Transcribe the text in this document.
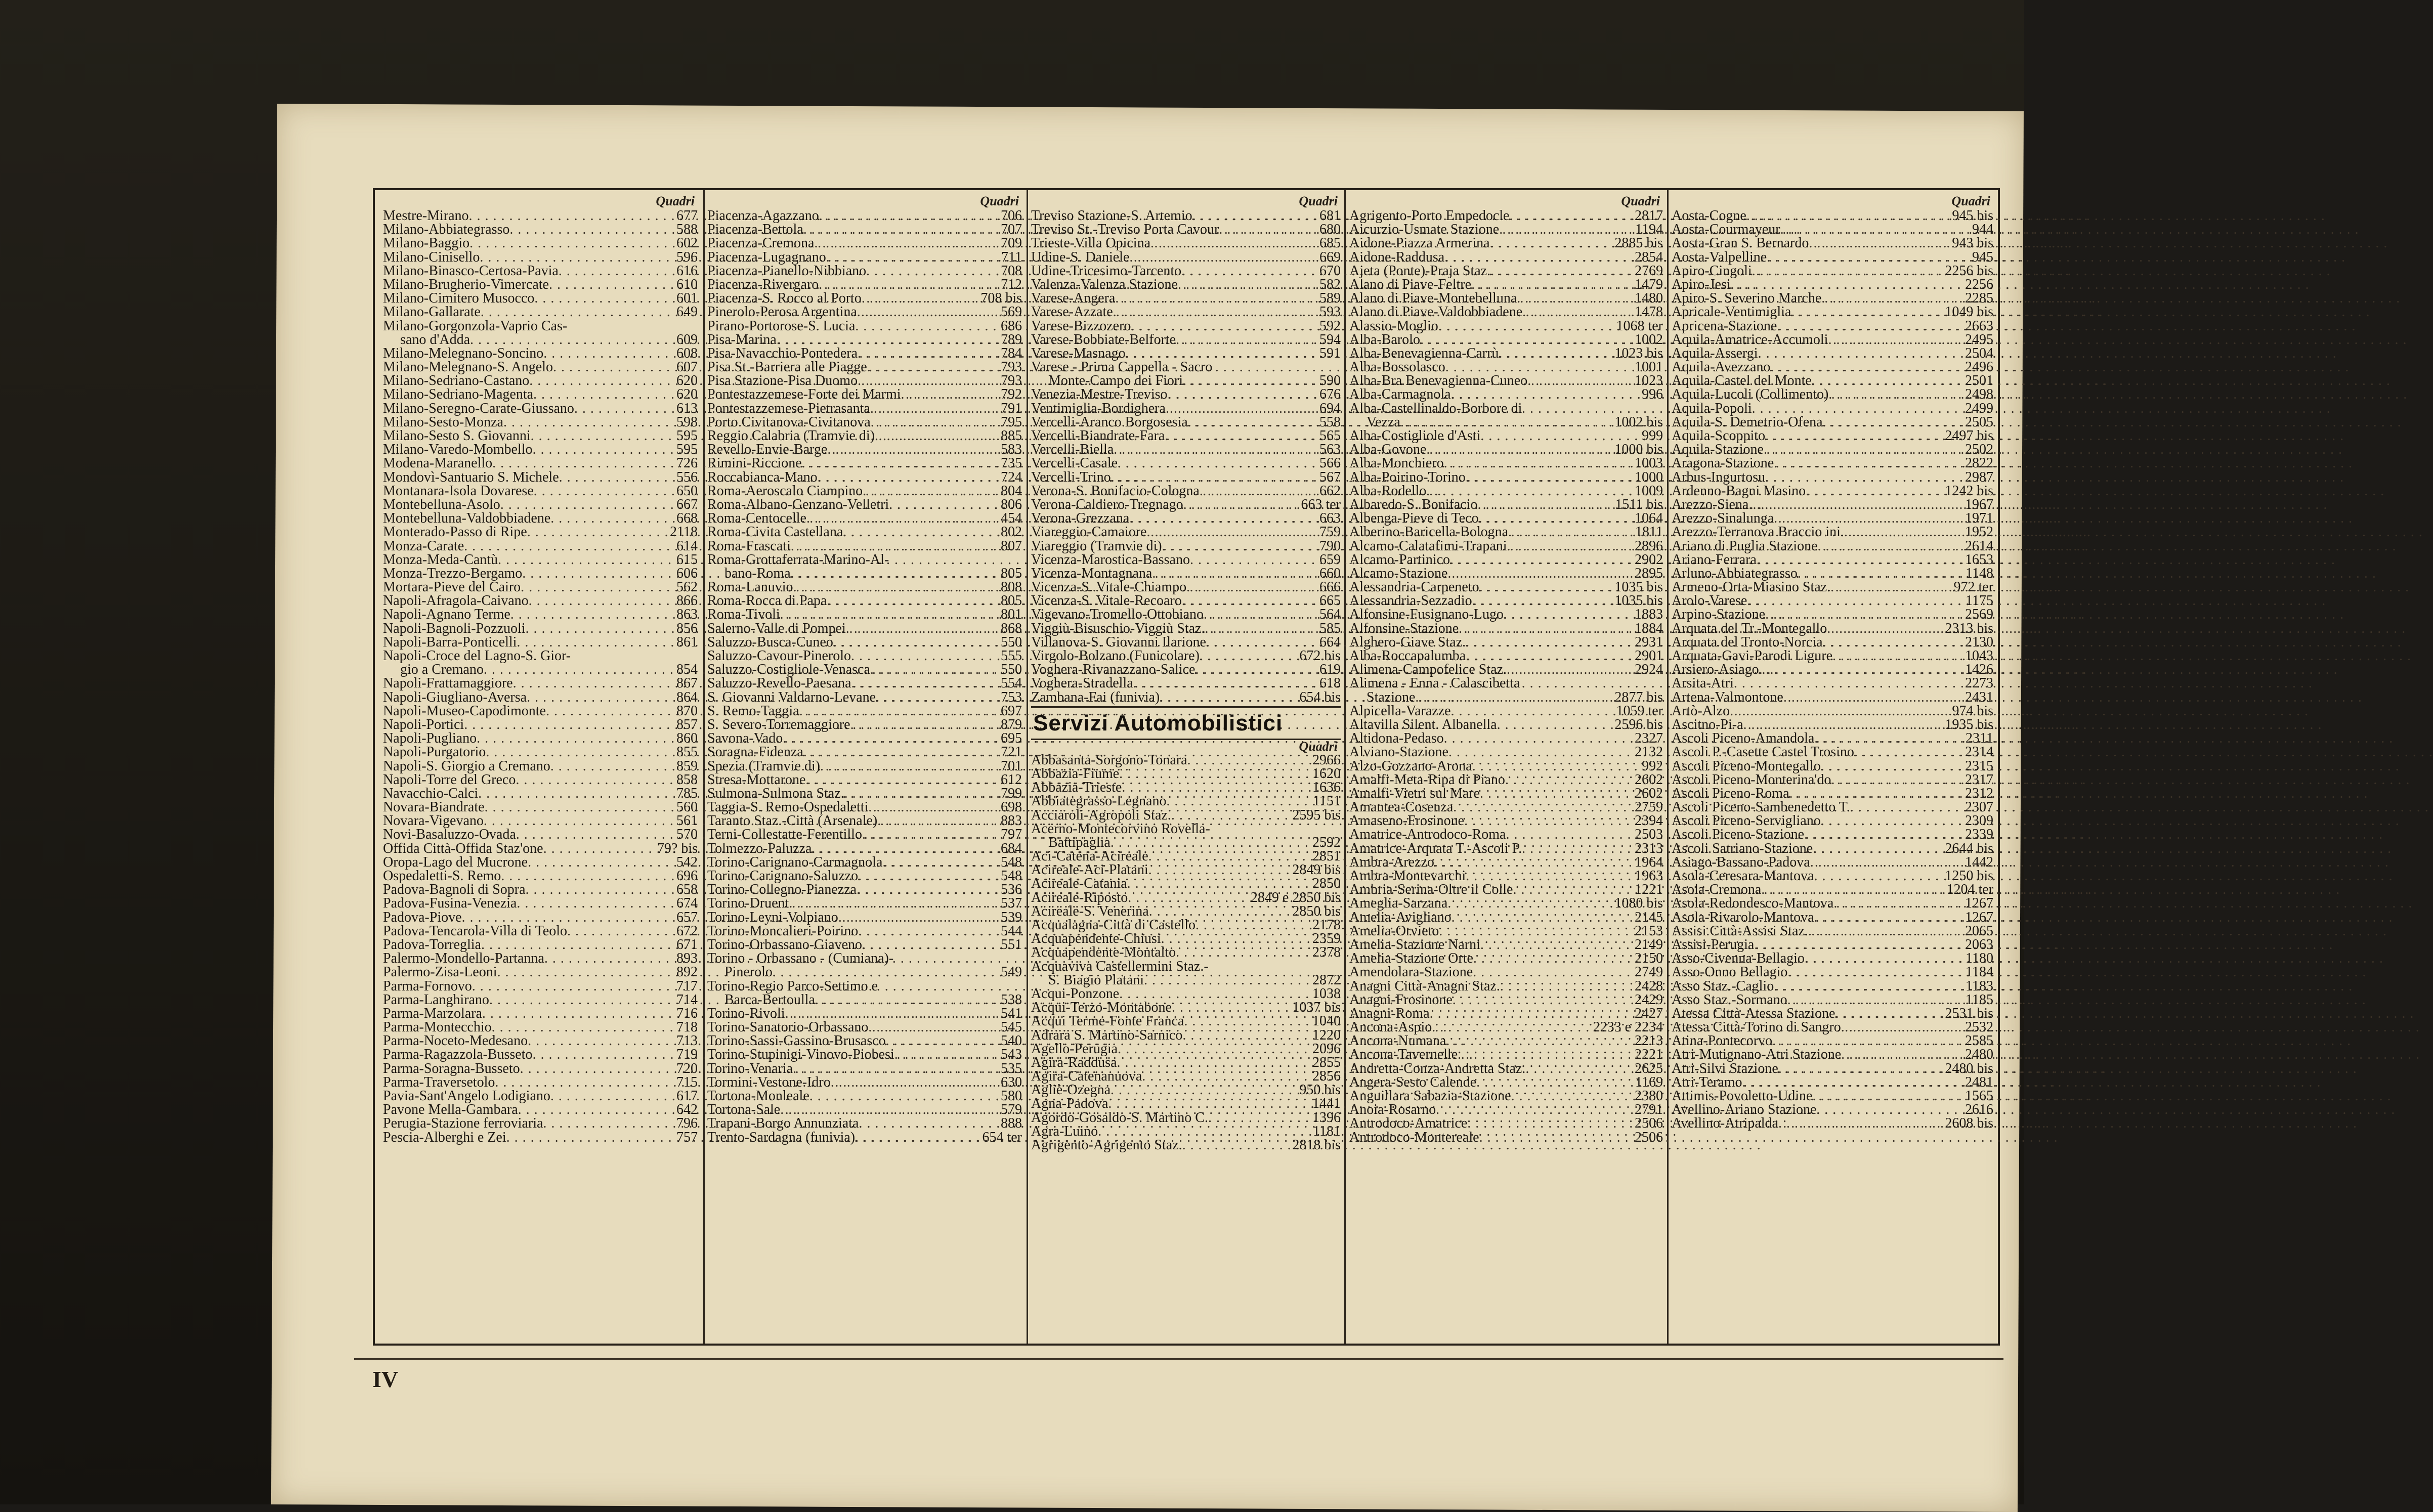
Quadri
Mestre-Mirano . . .	677
Milano-Abbiategrasso . . .	588
Milano-Baggio . . .	602
Milano-Cinisello . . .	596
Milano-Binasco-Certosa-Pavia . . .	616
Milano-Brugherio-Vimercate . . .	610
Milano-Cimitero Musocco . . .	601
Milano-Gallarate . . .	649
Milano-Gorgonzola-Vaprio Cas-
sano d'Adda . . .	609
Milano-Melegnano-Soncino . . .	608
Milano-Melegnano-S. Angelo . . .	607
Milano-Sedriano-Castano . . .	620
Milano-Sedriano-Magenta . . .	620
Milano-Seregno-Carate-Giussano . . .	613
Milano-Sesto-Monza . . .	598
Milano-Sesto S. Giovanni . . .	595
Milano-Varedo-Mombello . . .	595
Modena-Maranello . . .	726
Mondovì-Santuario S. Michele . . .	556
Montanara-Isola Dovarese . . .	650
Montebelluna-Asolo . . .	667
Montebelluna-Valdobbiadene . . .	668
Monterado-Passo di Ripe . . .	2118
Monza-Carate . . .	614
Monza-Meda-Cantù . . .	615
Monza-Trezzo-Bergamo . . .	606
Mortara-Pieve del Cairo . . .	562
Napoli-Afragola-Caivano . . .	866
Napoli-Agnano Terme . . .	863
Napoli-Bagnoli-Pozzuoli . . .	856
Napoli-Barra-Ponticelli . . .	861
Napoli-Croce del Lagno-S. Gior-
gio a Cremano . . .	854
Napoli-Frattamaggiore . . .	867
Napoli-Giugliano-Aversa . . .	864
Napoli-Museo-Capodimonte . . .	870
Napoli-Portici . . .	857
Napoli-Pugliano . . .	860
Napoli-Purgatorio . . .	855
Napoli-S. Giorgio a Cremano . . .	859
Napoli-Torre del Greco . . .	858
Navacchio-Calci . . .	785
Novara-Biandrate . . .	560
Novara-Vigevano . . .	561
Novi-Basaluzzo-Ovada . . .	570
Offida Città-Offida Staz'one . . .	79? bis
Oropa-Lago del Mucrone . . .	542
Ospedaletti-S. Remo . . .	696
Padova-Bagnoli di Sopra . . .	658
Padova-Fusina-Venezia . . .	674
Padova-Piove . . .	657
Padova-Tencarola-Villa di Teolo . . .	672
Padova-Torreglia . . .	671
Palermo-Mondello-Partanna . . .	893
Palermo-Zisa-Leoni . . .	892
Parma-Fornovo . . .	717
Parma-Langhirano . . .	714
Parma-Marzolara . . .	716
Parma-Montecchio . . .	718
Parma-Noceto-Medesano . . .	713
Parma-Ragazzola-Busseto . . .	719
Parma-Soragna-Busseto . . .	720
Parma-Traversetolo . . .	715
Pavia-Sant'Angelo Lodigiano . . .	617
Pavone Mella-Gambara . . .	642
Perugia-Stazione ferroviaria . . .	796
Pescia-Alberghi e Zei . . .	757
Quadri
Piacenza-Agazzano . . .	706
Piacenza-Bettola . . .	707
Piacenza-Cremona . . .	709
Piacenza-Lugagnano . . .	711
Piacenza-Pianello-Nibbiano . . .	708
Piacenza-Rivergaro . . .	712
Piacenza-S. Rocco al Porto . . .	708 bis
Pinerolo-Perosa Argentina . . .	569
Pirano-Portorose-S. Lucia . . .	686
Pisa-Marina . . .	789
Pisa-Navacchio-Pontedera . . .	784
Pisa St.-Barriera alle Piagge . . .	793
Pisa Stazione-Pisa Duomo . . .	793
Pontestazzemese-Forte dei Marmi . . .	792
Pontestazzemese-Pietrasanta . . .	791
Porto Civitanova-Civitanova . . .	795
Reggio Calabria (Tramvie di) . . .	885
Revello-Envie-Barge . . .	583
Rimini-Riccione . . .	735
Roccabianca-Mano . . .	724
Roma-Aeroscalo Ciampino . . .	804
Roma-Albano-Genzano-Velletri . . .	806
Roma-Centocelle . . .	454
Roma-Civita Castellana . . .	802
Roma-Frascati . . .	807
Roma-Grottaferrata-Marino-Al-
bano-Roma . . .	805
Roma-Lanuvio . . .	808
Roma-Rocca di Papa . . .	805
Roma-Tivoli . . .	801
Salerno-Valle di Pompei . . .	868
Saluzzo-Busca-Cuneo . . .	550
Saluzzo-Cavour-Pinerolo . . .	555
Saluzzo-Costigliole-Venasca . . .	550
Saluzzo-Revello-Paesana . . .	554
S. Giovanni Valdarno-Levane . . .	753
S. Remo-Taggia . . .	697
S. Severo-Torremaggiore . . .	879
Savona-Vado . . .	695
Soragna-Fidenza . . .	721
Spezia (Tramvie di) . . .	701
Stresa-Mottarone . . .	612
Sulmona-Sulmona Staz. . . .	799
Taggia-S. Remo-Ospedaletti . . .	698
Taranto Staz.-Città (Arsenale) . . .	883
Terni-Collestatte-Ferentillo . . .	797
Tolmezzo-Paluzza . . .	684
Torino-Carignano-Carmagnola . . .	548
Torino-Carignano-Saluzzo . . .	548
Torino-Collegno-Pianezza . . .	536
Torino-Druent . . .	537
Torino-Leyni-Volpiano . . .	539
Torino-Moncalieri-Poirino . . .	544
Torino-Orbassano-Giaveno . . .	551
Torino - Orbassano - (Cumiana)-
Pinerolo . . .	549
Torino-Regio Parco-Settimo e
Barca-Bertoulla . . .	538
Torino-Rivoli . . .	541
Torino-Sanatorio-Orbassano . . .	545
Torino-Sassi-Gassino-Brusasco . . .	540
Torino-Stupinigi-Vinovo-Piobesi . . .	543
Torino-Venaria . . .	535
Tormini-Vestone-Idro . . .	630
Tortona-Monleale . . .	580
Tortona-Sale . . .	579
Trapani-Borgo Annunziata . . .	888
Trento-Sardagna (funivia) . . .	654 ter
Quadri
Treviso Stazione-S. Artemio . . .	681
Treviso St.-Treviso Porta Cavour . . .	680
Trieste-Villa Opicina . . .	685
Udine-S. Daniele . . .	669
Udine-Tricesimo-Tarcento . . .	670
Valenza-Valenza Stazione . . .	582
Varese-Angera . . .	589
Varese-Azzate . . .	593
Varese-Bizzozero . . .	592
Varese-Bobbiate-Belforte . . .	594
Varese-Masnago . . .	591
Varese - Prima Cappella - Sacro
Monte-Campo dei Fiori . . .	590
Venezia-Mestre-Treviso . . .	676
Ventimiglia-Bordighera . . .	694
Vercelli-Aranco Borgosesia . . .	558
Vercelli-Biandrate-Fara . . .	565
Vercelli-Biella . . .	563
Vercelli-Casale . . .	566
Vercelli-Trino . . .	567
Verona-S. Bonifacio-Cologna . . .	662
Verona-Caldiero-Tregnago . . .	663 ter
Verona-Grezzana . . .	663
Viareggio-Camaiore . . .	759
Viareggio (Tramvie di) . . .	790
Vicenza-Marostica-Bassano . . .	659
Vicenza-Montagnana . . .	660
Vicenza-S. Vitale-Chiampo . . .	666
Vicenza-S. Vitale-Recoaro . . .	665
Vigevano-Tromello-Ottobiano . . .	564
Viggiù-Bisuschio-Viggiù Staz. . . .	585
Villanova-S. Giovanni Ilarione . . .	664
Virgolo-Bolzano (Funicolare) . . .	672 bis
Voghera-Rivanazzano-Salice . . .	619
Voghera-Stradella . . .	618
Zambana-Fai (funivia) . . .	654 bis
Servizi Automobilistici
Quadri
Abbasanta-Sorgono-Tonara . . .	2966
Abbazia-Fiume . . .	1620
Abbazia-Trieste . . .	1636
Abbiategrasso-Legnano . . .	1151
Acciaroli-Agropoli Staz. . . .	2595 bis
Acerno-Montecorvino Rovella-
Battipaglia . . .	2592
Aci-Catena-Acireale . . .	2851
Acireale-Aci-Platani . . .	2849 bis
Acireale-Catania . . .	2850
Acireale-Riposto . . .	2849 e 2850 bis
Acireale-S. Venerina . . .	2850 bis
Acqualagna-Città di Castello . . .	2178
Acquapendente-Chiusi . . .	2359
Acquapendente-Montalto . . .	2378
Acquaviva Castellermini Staz.-
S. Biagio Platani . . .	2872
Acqui-Ponzone . . .	1038
Acqui-Terzo-Montabone . . .	1037 bis
Acqui Terme-Fonte Franca . . .	1040
Adrara S. Martino-Sarnico . . .	1220
Agello-Perugia . . .	2096
Agira-Raddusa . . .	2855
Agira-Catenanuova . . .	2856
Agliè-Ozegna . . .	950 bis
Agna-Padova . . .	1441
Agordo-Gosaldo-S. Martino C. . . .	1396
Agra-Luino . . .	1181
Agrigento-Agrigento Staz. . . .	2818 bis
Quadri
Agrigento-Porto Empedocle . . .	2817
Aicurzio-Usmate Stazione . . .	1194
Aidone-Piazza Armerina . . .	2885 bis
Aidone-Raddusa . . .	2854
Ajeta (Ponte)-Praja Staz. . . .	2769
Alano di Piave-Feltre . . .	1479
Alano di Piave-Montebelluna . . .	1480
Alano di Piave-Valdobbiadene . . .	1478
Alassio-Moglio . . .	1068 ter
Alba-Barolo . . .	1002
Alba-Benevagienna-Carrù . . .	1023 bis
Alba-Bossolasco . . .	1001
Alba-Bra Benevagienna-Cuneo . . .	1023
Alba-Carmagnola . . .	996
Alba-Castellinaldo-Borbore di
Vezza . . .	1002 bis
Alba-Costigliole d'Asti . . .	999
Alba-Govone . . .	1000 bis
Alba-Monchiero . . .	1003
Alba-Poirino-Torino . . .	1000
Alba-Rodello . . .	1009
Albaredo-S. Bonifacio . . .	1511 bis
Albenga-Pieve di Teco . . .	1064
Alberino-Baricella-Bologna . . .	1811
Alcamo-Calatafimi-Trapani . . .	2896
Alcamo-Partinico . . .	2902
Alcamo-Stazione . . .	2895
Alessandria-Carpeneto . . .	1035 bis
Alessandria-Sezzadio . . .	1035 bis
Alfonsine-Fusignano-Lugo . . .	1883
Alfonsine-Stazione . . .	1884
Alghero-Giave Staz. . . .	2931
Alba-Roccapalumba . . .	2901
Alimena-Campofelice Staz. . . .	2924
Alimena - Enna - Calascibetta
Stazione . . .	2877 bis
Alpicella-Varazze . . .	1059 ter
Altavilla Silent. Albanella . . .	2596 bis
Altidona-Pedaso . . .	2327
Alviano-Stazione . . .	2132
Alzo-Gozzano-Arona . . .	992
Amalfi-Meta-Ripa di Piano . . .	2602
Amalfi-Vietri sul Mare . . .	2602
Amantea-Cosenza . . .	2759
Amaseno-Frosinone . . .	2394
Amatrice-Antrodoco-Roma . . .	2503
Amatrice-Arquata T.-Ascoli P. . . .	2313
Ambra-Arezzo . . .	1964
Ambra-Montevarchi . . .	1963
Ambria-Serina-Oltre il Colle . . .	1221
Ameglia-Sarzana . . .	1080 bis
Amelia-Avigliano . . .	2145
Amelia-Orvieto . . .	2153
Amelia-Stazione Narni . . .	2149
Amelia-Stazione Orte . . .	2150
Amendolara-Stazione . . .	2749
Anagni Città-Anagni Staz. . . .	2428
Anagni-Frosinone . . .	2429
Anagni-Roma . . .	2427
Ancona-Aspio . . .	2233 e 2234
Ancona-Numana . . .	2213
Ancona-Tavernelle . . .	2221
Andretta-Conza-Andretta Staz. . . .	2625
Angera-Sesto Calende . . .	1169
Anguillara Sabazia-Stazione . . .	2380
Anoia-Rosarno . . .	2791
Antrodoco-Amatrice . . .	2506
Antrodoco-Montereale . . .	2506
Quadri
Aosta-Cogne . . .	945 bis
Aosta-Courmayeur . . .	944
Aosta-Gran S. Bernardo . . .	943 bis
Aosta-Valpelline . . .	945
Apiro-Cingoli . . .	2256 bis
Apiro-Jesi . . .	2256
Apiro-S. Severino Marche . . .	2285
Apricale-Ventimiglia . . .	1049 bis
Apricena-Stazione . . .	2663
Aquila-Amatrice-Accumoli . . .	2495
Aquila-Assergi . . .	2504
Aquila-Avezzano . . .	2496
Aquila-Castel del Monte . . .	2501
Aquila-Lucoli (Collimento) . . .	2498
Aquila-Popoli . . .	2499
Aquila-S. Demetrio-Ofena . . .	2505
Aquila-Scoppito . . .	2497 bis
Aquila-Stazione . . .	2502
Aragona-Stazione . . .	2822
Arbus-Ingurtosu . . .	2987
Ardenno-Bagni Masino . . .	1242 bis
Arezzo-Siena . . .	1967
Arezzo-Sinalunga . . .	1971
Arezzo-Terranova Braccio ini. . . .	1952
Ariano di Puglia Stazione . . .	2614
Ariano-Ferrara . . .	1653
Arluno-Abbiategrasso . . .	1148
Armeno-Orta-Miasino Staz. . . .	972 ter
Arolo-Varese . . .	1175
Arpino-Stazione . . .	2569
Arquata del Tr.-Montegallo . . .	2313 bis
Arquata del Tronto-Norcia . . .	2130
Arquata-Gavi-Parodi Ligure . . .	1043
Arsiero-Asiago . . .	1426
Arsita-Atri . . .	2273
Artena-Valmontone . . .	2431
Artò-Alzo . . .	974 bis
Ascitno-Pi-a . . .	1935 bis
Ascoli Piceno-Amandola . . .	2311
Ascoli P.-Casette Castel Trosino . . .	2314
Ascoli Piceno-Montegallo . . .	2315
Ascoli Piceno-Monterina'do . . .	2317
Ascoli Piceno-Roma . . .	2312
Ascoli Piceno-Sambenedetto T. . . .	2307
Ascoli Piceno-Servigliano . . .	2309
Ascoli Piceno-Stazione . . .	2339
Ascoli Satriano-Stazione . . .	2644 bis
Asiago-Bassano-Padova . . .	1442
Asola-Ceresara-Mantova . . .	1250 bis
Asola-Cremona . . .	1204 ter
Asola-Redondesco-Mantova . . .	1267
Asola-Rivarolo-Mantova . . .	1267
Assisi Città-Assisi Staz. . . .	2065
Assisi-Perugia . . .	2063
Asso-Civenna-Bellagio . . .	1180
Asso-Onno Bellagio . . .	1184
Asso Staz.-Caglio . . .	1183
Asso Staz.-Sormano . . .	1185
Atessa Città-Atessa Stazione . . .	2531 bis
Atessa Città-Torino di Sangro . . .	2532
Atina-Pontecorvo . . .	2585
Atri-Mutignano-Atri Stazione . . .	2480
Atri-Silvi Stazione . . .	2480 bis
Atri-Teramo . . .	2481
Attimis-Povoletto-Udine . . .	1565
Avellino-Ariano Stazione . . .	2616
Avellino-Atripalda . . .	2608 bis
IV
